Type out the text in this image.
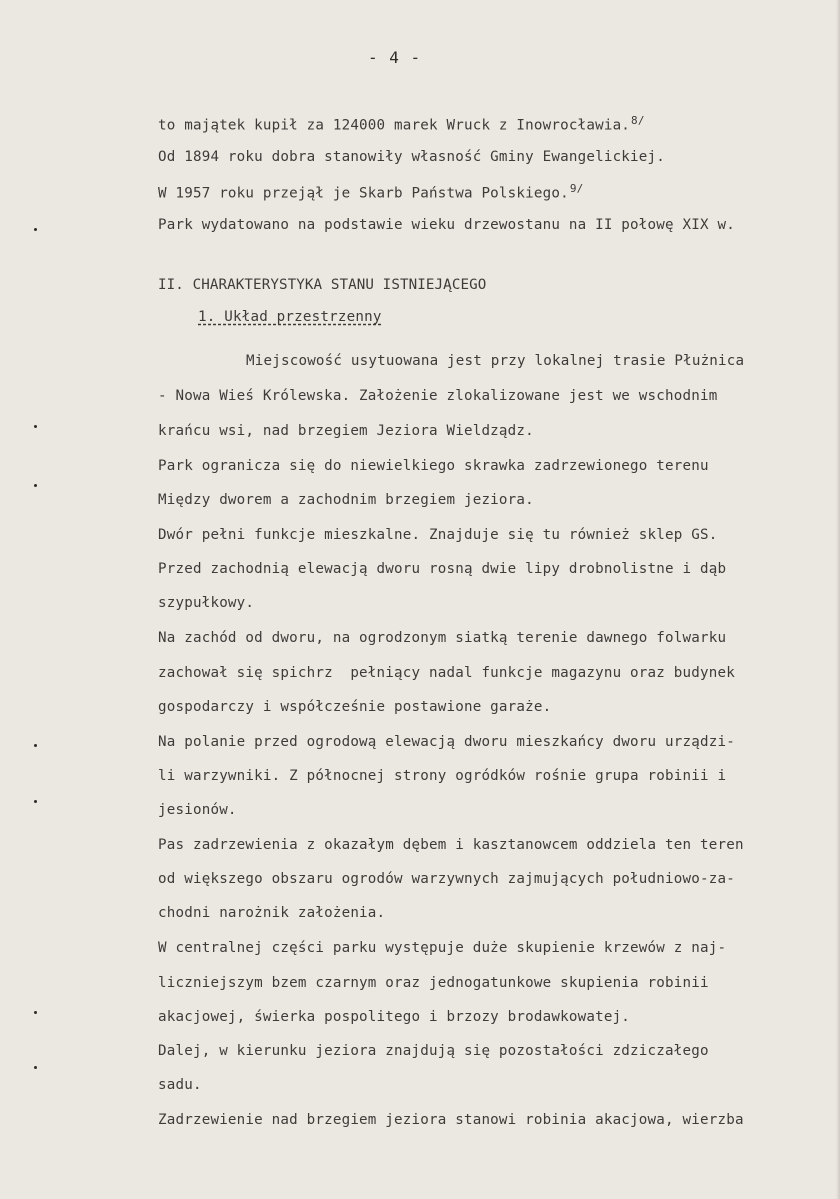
- 4 -
to majątek kupił za 124000 marek Wruck z Inowrocławia.$^{8/}$
Od 1894 roku dobra stanowiły własność Gminy Ewangelickiej.
W 1957 roku przejął je Skarb Państwa Polskiego.$^{9/}$
Park wydatowano na podstawie wieku drzewostanu na II połowę XIX w.
II. CHARAKTERYSTYKA STANU ISTNIEJĄCEGO
1. Układ przestrzenny
Miejscowość usytuowana jest przy lokalnej trasie Płużnica
- Nowa Wieś Królewska. Założenie zlokalizowane jest we wschodnim
krańcu wsi, nad brzegiem Jeziora Wieldządz.
Park ogranicza się do niewielkiego skrawka zadrzewionego terenu
Między dworem a zachodnim brzegiem jeziora.
Dwór pełni funkcje mieszkalne. Znajduje się tu również sklep GS.
Przed zachodnią elewacją dworu rosną dwie lipy drobnolistne i dąb
szypułkowy.
Na zachód od dworu, na ogrodzonym siatką terenie dawnego folwarku
zachował się spichrz  pełniący nadal funkcje magazynu oraz budynek
gospodarczy i współcześnie postawione garaże.
Na polanie przed ogrodową elewacją dworu mieszkańcy dworu urządzi-
li warzywniki. Z północnej strony ogródków rośnie grupa robinii i
jesionów.
Pas zadrzewienia z okazałym dębem i kasztanowcem oddziela ten teren
od większego obszaru ogrodów warzywnych zajmujących południowo-za-
chodni narożnik założenia.
W centralnej części parku występuje duże skupienie krzewów z naj-
liczniejszym bzem czarnym oraz jednogatunkowe skupienia robinii
akacjowej, świerka pospolitego i brzozy brodawkowatej.
Dalej, w kierunku jeziora znajdują się pozostałości zdziczałego
sadu.
Zadrzewienie nad brzegiem jeziora stanowi robinia akacjowa, wierzba
